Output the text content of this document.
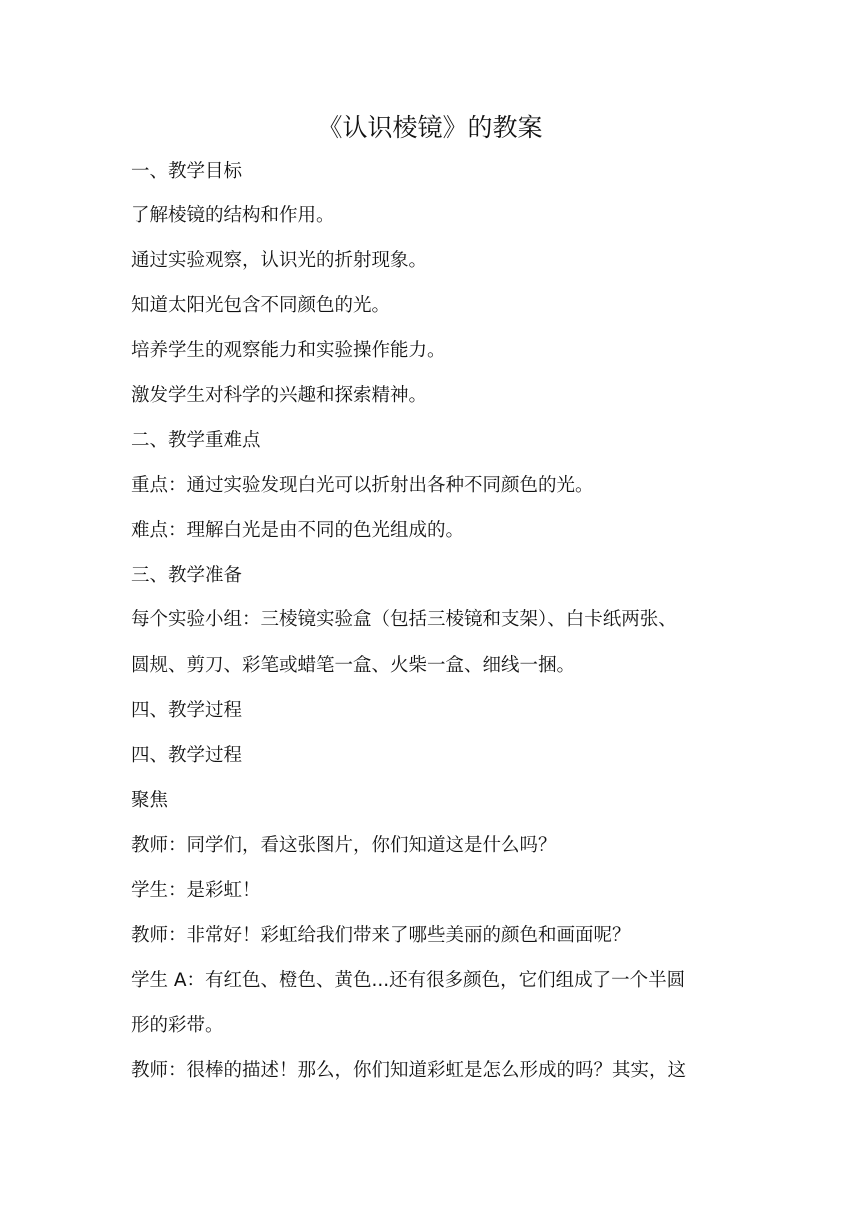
《认识棱镜》的教案
一、教学目标
了解棱镜的结构和作用。
通过实验观察，认识光的折射现象。
知道太阳光包含不同颜色的光。
培养学生的观察能力和实验操作能力。
激发学生对科学的兴趣和探索精神。
二、教学重难点
重点：通过实验发现白光可以折射出各种不同颜色的光。
难点：理解白光是由不同的色光组成的。
三、教学准备
每个实验小组：三棱镜实验盒（包括三棱镜和支架）、白卡纸两张、
圆规、剪刀、彩笔或蜡笔一盒、火柴一盒、细线一捆。
四、教学过程
四、教学过程
聚焦
教师：同学们，看这张图片，你们知道这是什么吗？
学生：是彩虹！
教师：非常好！彩虹给我们带来了哪些美丽的颜色和画面呢？
学生 A：有红色、橙色、黄色...还有很多颜色，它们组成了一个半圆
形的彩带。
教师：很棒的描述！那么，你们知道彩虹是怎么形成的吗？其实，这
